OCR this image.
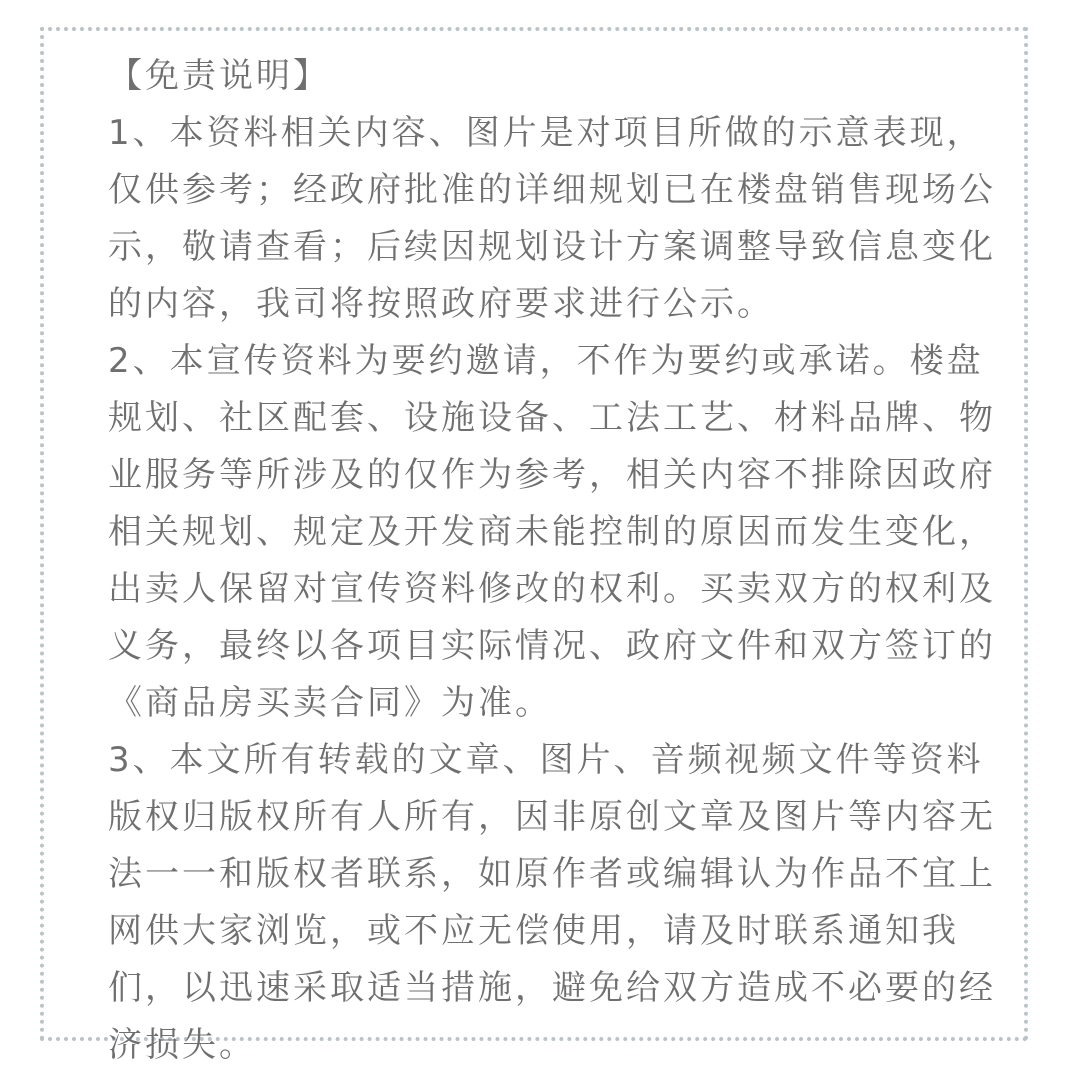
【免责说明】
1、本资料相关内容、图片是对项目所做的示意表现，
仅供参考；经政府批准的详细规划已在楼盘销售现场公
示，敬请查看；后续因规划设计方案调整导致信息变化
的内容，我司将按照政府要求进行公示。
2、本宣传资料为要约邀请，不作为要约或承诺。楼盘
规划、社区配套、设施设备、工法工艺、材料品牌、物
业服务等所涉及的仅作为参考，相关内容不排除因政府
相关规划、规定及开发商未能控制的原因而发生变化，
出卖人保留对宣传资料修改的权利。买卖双方的权利及
义务，最终以各项目实际情况、政府文件和双方签订的
《商品房买卖合同》为准。
3、本文所有转载的文章、图片、音频视频文件等资料
版权归版权所有人所有，因非原创文章及图片等内容无
法一一和版权者联系，如原作者或编辑认为作品不宜上
网供大家浏览，或不应无偿使用，请及时联系通知我
们，以迅速采取适当措施，避免给双方造成不必要的经
济损失。
